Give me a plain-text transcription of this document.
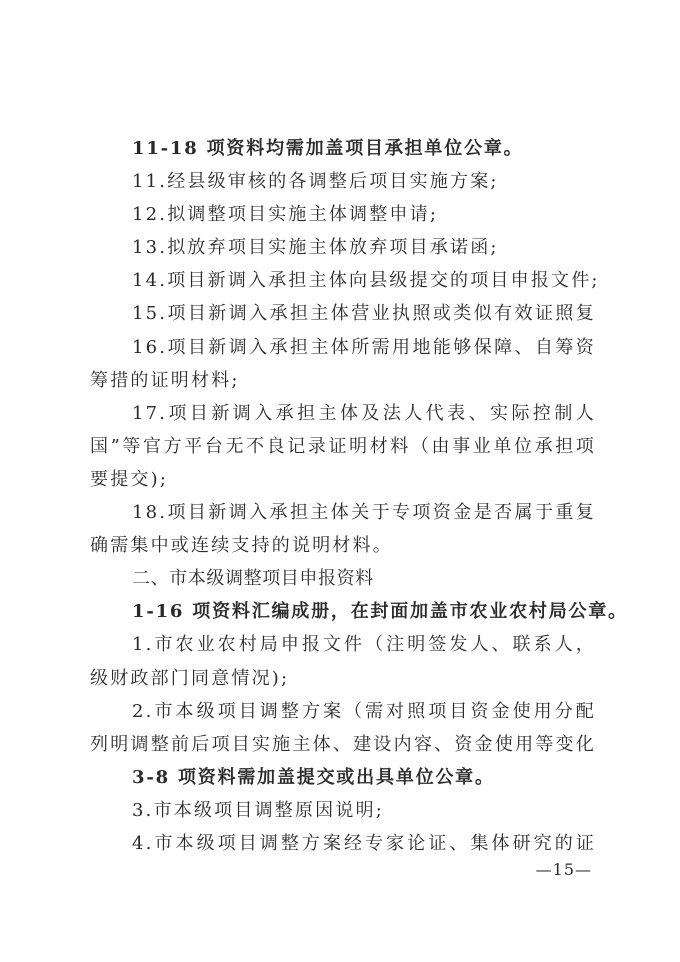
11-18 项资料均需加盖项目承担单位公章。
11.经县级审核的各调整后项目实施方案;
12.拟调整项目实施主体调整申请;
13.拟放弃项目实施主体放弃项目承诺函;
14.项目新调入承担主体向县级提交的项目申报文件;
15.项目新调入承担主体营业执照或类似有效证照复
16.项目新调入承担主体所需用地能够保障、自筹资
筹措的证明材料;
17.项目新调入承担主体及法人代表、实际控制人
国”等官方平台无不良记录证明材料（由事业单位承担项
要提交);
18.项目新调入承担主体关于专项资金是否属于重复
确需集中或连续支持的说明材料。
二、市本级调整项目申报资料
1-16 项资料汇编成册，在封面加盖市农业农村局公章。
1.市农业农村局申报文件（注明签发人、联系人，
级财政部门同意情况);
2.市本级项目调整方案（需对照项目资金使用分配
列明调整前后项目实施主体、建设内容、资金使用等变化
3-8 项资料需加盖提交或出具单位公章。
3.市本级项目调整原因说明;
4.市本级项目调整方案经专家论证、集体研究的证
—15—
